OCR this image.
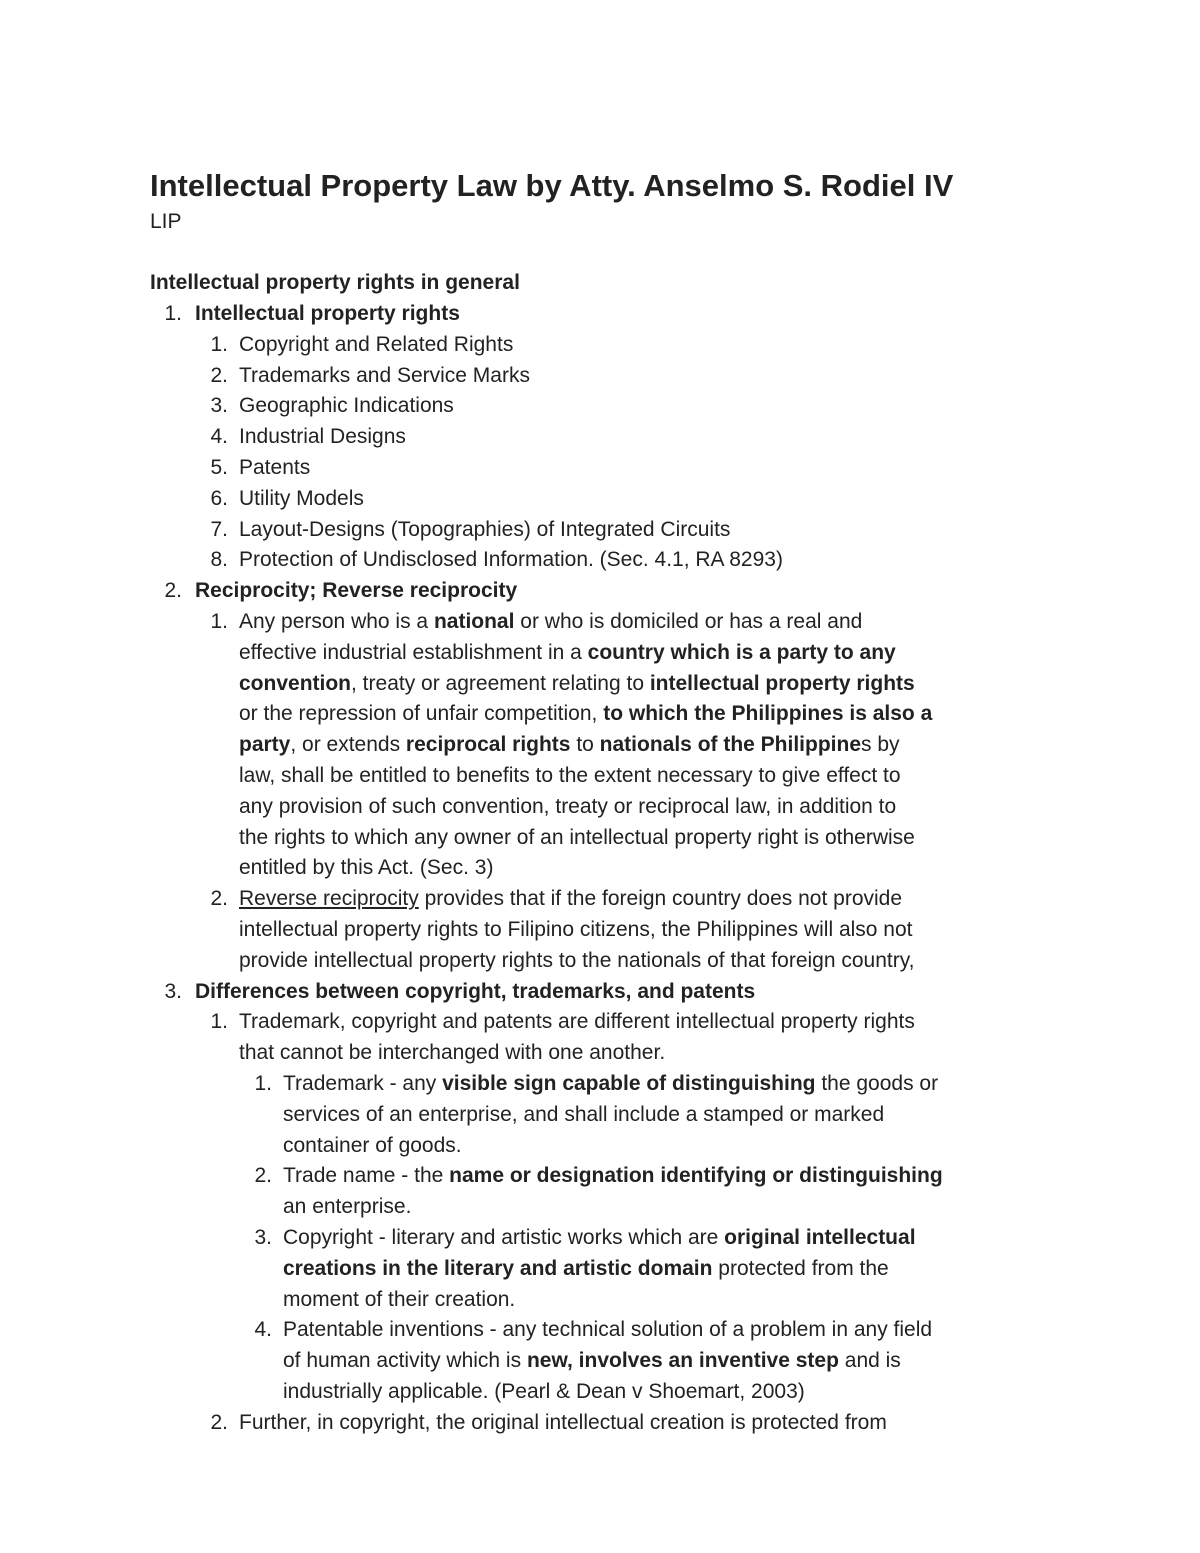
Intellectual Property Law by Atty. Anselmo S. Rodiel IV
LIP
Intellectual property rights in general
1. Intellectual property rights
1. Copyright and Related Rights
2. Trademarks and Service Marks
3. Geographic Indications
4. Industrial Designs
5. Patents
6. Utility Models
7. Layout-Designs (Topographies) of Integrated Circuits
8. Protection of Undisclosed Information. (Sec. 4.1, RA 8293)
2. Reciprocity; Reverse reciprocity
1. Any person who is a national or who is domiciled or has a real and
effective industrial establishment in a country which is a party to any
convention, treaty or agreement relating to intellectual property rights
or the repression of unfair competition, to which the Philippines is also a
party, or extends reciprocal rights to nationals of the Philippines by
law, shall be entitled to benefits to the extent necessary to give effect to
any provision of such convention, treaty or reciprocal law, in addition to
the rights to which any owner of an intellectual property right is otherwise
entitled by this Act. (Sec. 3)
2. Reverse reciprocity provides that if the foreign country does not provide
intellectual property rights to Filipino citizens, the Philippines will also not
provide intellectual property rights to the nationals of that foreign country,
3. Differences between copyright, trademarks, and patents
1. Trademark, copyright and patents are different intellectual property rights
that cannot be interchanged with one another.
1. Trademark - any visible sign capable of distinguishing the goods or
services of an enterprise, and shall include a stamped or marked
container of goods.
2. Trade name - the name or designation identifying or distinguishing
an enterprise.
3. Copyright - literary and artistic works which are original intellectual
creations in the literary and artistic domain protected from the
moment of their creation.
4. Patentable inventions - any technical solution of a problem in any field
of human activity which is new, involves an inventive step and is
industrially applicable. (Pearl & Dean v Shoemart, 2003)
2. Further, in copyright, the original intellectual creation is protected from
